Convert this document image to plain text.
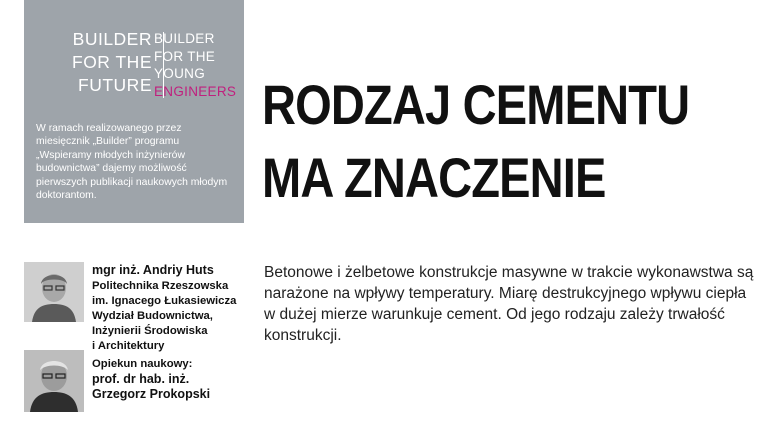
BUILDER
FOR THE
FUTURE
BUILDER
FOR THE
YOUNG
ENGINEERS
W ramach realizowanego przez miesięcznik „Builder” programu „Wspieramy młodych inżynierów budownictwa” dajemy możliwość pierwszych publikacji naukowych młodym doktorantom.
RODZAJ CEMENTU
MA ZNACZENIE
Betonowe i żelbetowe konstrukcje masywne w trakcie wykonawstwa są narażone na wpływy temperatury. Miarę destrukcyjnego wpływu ciepła w dużej mierze warunkuje cement. Od jego rodzaju zależy trwałość konstrukcji.
mgr inż. Andriy Huts
Politechnika Rzeszowska
im. Ignacego Łukasiewicza
Wydział Budownictwa,
Inżynierii Środowiska
i Architektury
Opiekun naukowy:
prof. dr hab. inż.
Grzegorz Prokopski
